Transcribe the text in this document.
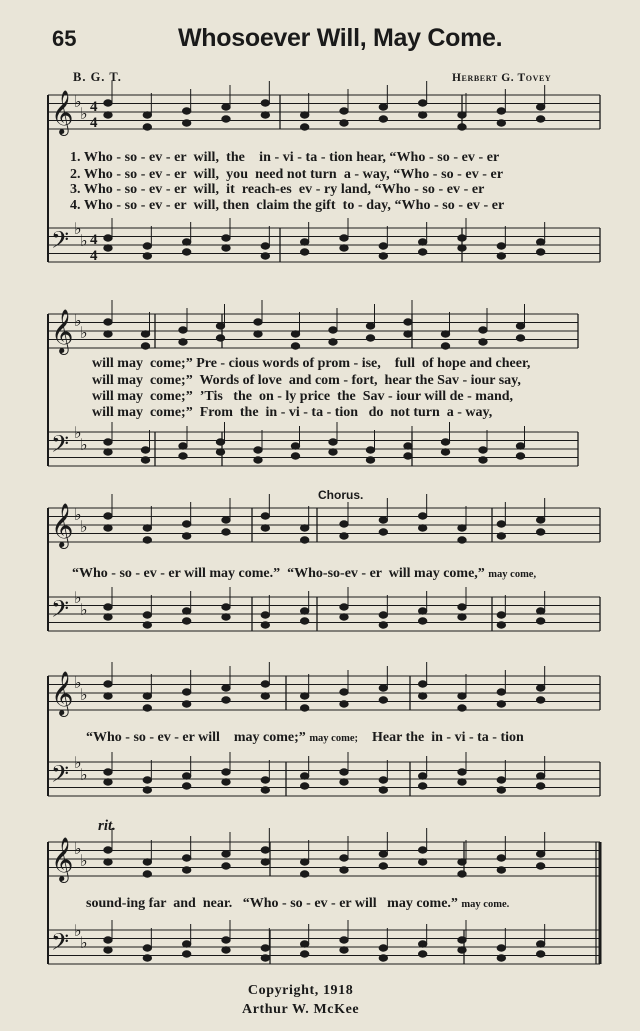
65	Whosoever Will, May Come.
B. G. T.	Herbert G. Tovey
𝄞 ♭
♭
𝄢 ♭
♭
4
4
4
4
𝄞 ♭
♭
𝄢 ♭
♭
𝄞 ♭
♭
𝄢 ♭
♭
𝄞 ♭
♭
𝄢 ♭
♭
𝄞 ♭
♭
𝄢 ♭
♭
1. Who - so - ev - er  will,  the    in - vi - ta - tion hear, “Who - so - ev - er
2. Who - so - ev - er  will,  you  need not turn  a - way, “Who - so - ev - er
3. Who - so - ev - er  will,  it  reach-es  ev - ry land, “Who - so - ev - er
4. Who - so - ev - er  will, then  claim the gift  to - day, “Who - so - ev - er
will may  come;” Pre - cious words of prom - ise,    full  of hope and cheer,
will may  come;”  Words of love  and com - fort,  hear the Sav - iour say,
will may  come;”  ’Tis   the  on - ly price  the  Sav - iour will de - mand,
will may  come;”  From  the  in - vi - ta - tion   do  not turn  a - way,
Chorus.
“Who - so - ev - er will may come.”  “Who-so-ev - er  will may come,” may come,
“Who - so - ev - er will    may come;” may come; Hear the  in - vi - ta - tion
rit.
sound-ing far  and  near.   “Who - so - ev - er will   may come.” may come.
Copyright, 1918
Arthur W. McKee
